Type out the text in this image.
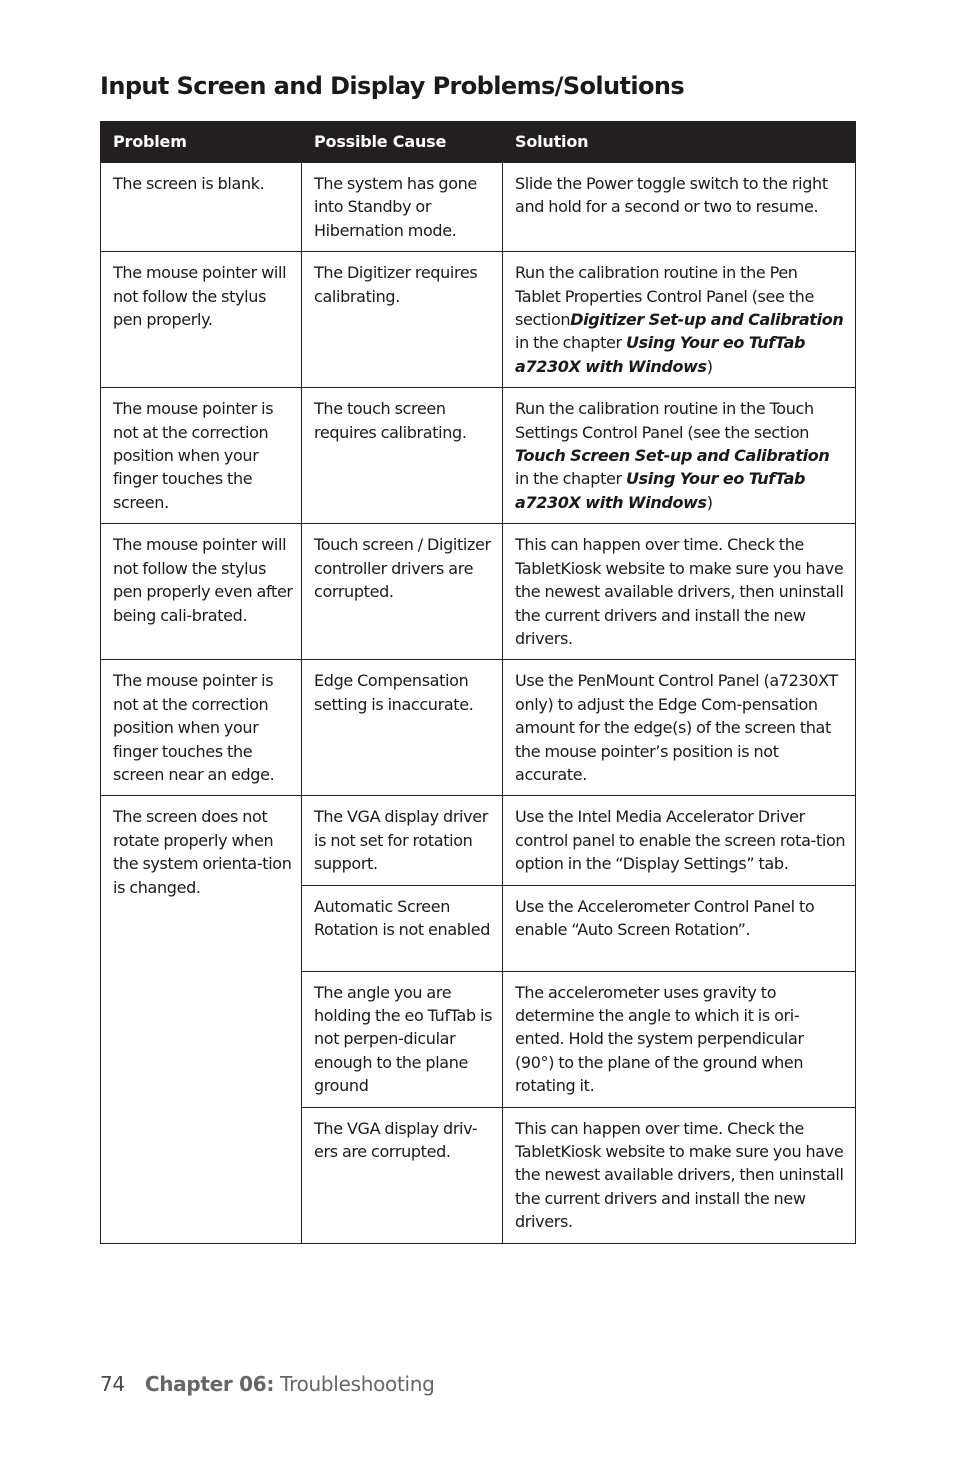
Input Screen and Display Problems/Solutions
Problem	Possible Cause	Solution
The screen is blank.	The system has gone into Standby or Hibernation mode.	Slide the Power toggle switch to the right and hold for a second or two to resume.
The mouse pointer will not follow the stylus pen properly.	The Digitizer requires calibrating.	Run the calibration routine in the Pen Tablet Properties Control Panel (see the sectionDigitizer Set-up and Calibration in the chapter Using Your eo TufTab a7230X with Windows)
The mouse pointer is not at the correction position when your finger touches the screen.	The touch screen requires calibrating.	Run the calibration routine in the Touch Settings Control Panel (see the section Touch Screen Set-up and Calibration in the chapter Using Your eo TufTab a7230X with Windows)
The mouse pointer will not follow the stylus pen properly even after being cali-brated.	Touch screen / Digitizer controller drivers are corrupted.	This can happen over time. Check the TabletKiosk website to make sure you have the newest available drivers, then uninstall the current drivers and install the new drivers.
The mouse pointer is not at the correction position when your finger touches the screen near an edge.	Edge Compensation setting is inaccurate.	Use the PenMount Control Panel (a7230XT only) to adjust the Edge Com-pensation amount for the edge(s) of the screen that the mouse pointer’s position is not accurate.
The screen does not rotate properly when the system orienta-tion is changed.	The VGA display driver is not set for rotation support.	Use the Intel Media Accelerator Driver control panel to enable the screen rota-tion option in the “Display Settings” tab.
	Automatic Screen Rotation is not enabled	Use the Accelerometer Control Panel to enable “Auto Screen Rotation”.
	The angle you are holding the eo TufTab is not perpen-dicular enough to the plane ground	The accelerometer uses gravity to determine the angle to which it is ori-ented. Hold the system perpendicular (90°) to the plane of the ground when rotating it.
	The VGA display driv-ers are corrupted.	This can happen over time. Check the TabletKiosk website to make sure you have the newest available drivers, then uninstall the current drivers and install the new drivers.
74 Chapter 06: Troubleshooting
